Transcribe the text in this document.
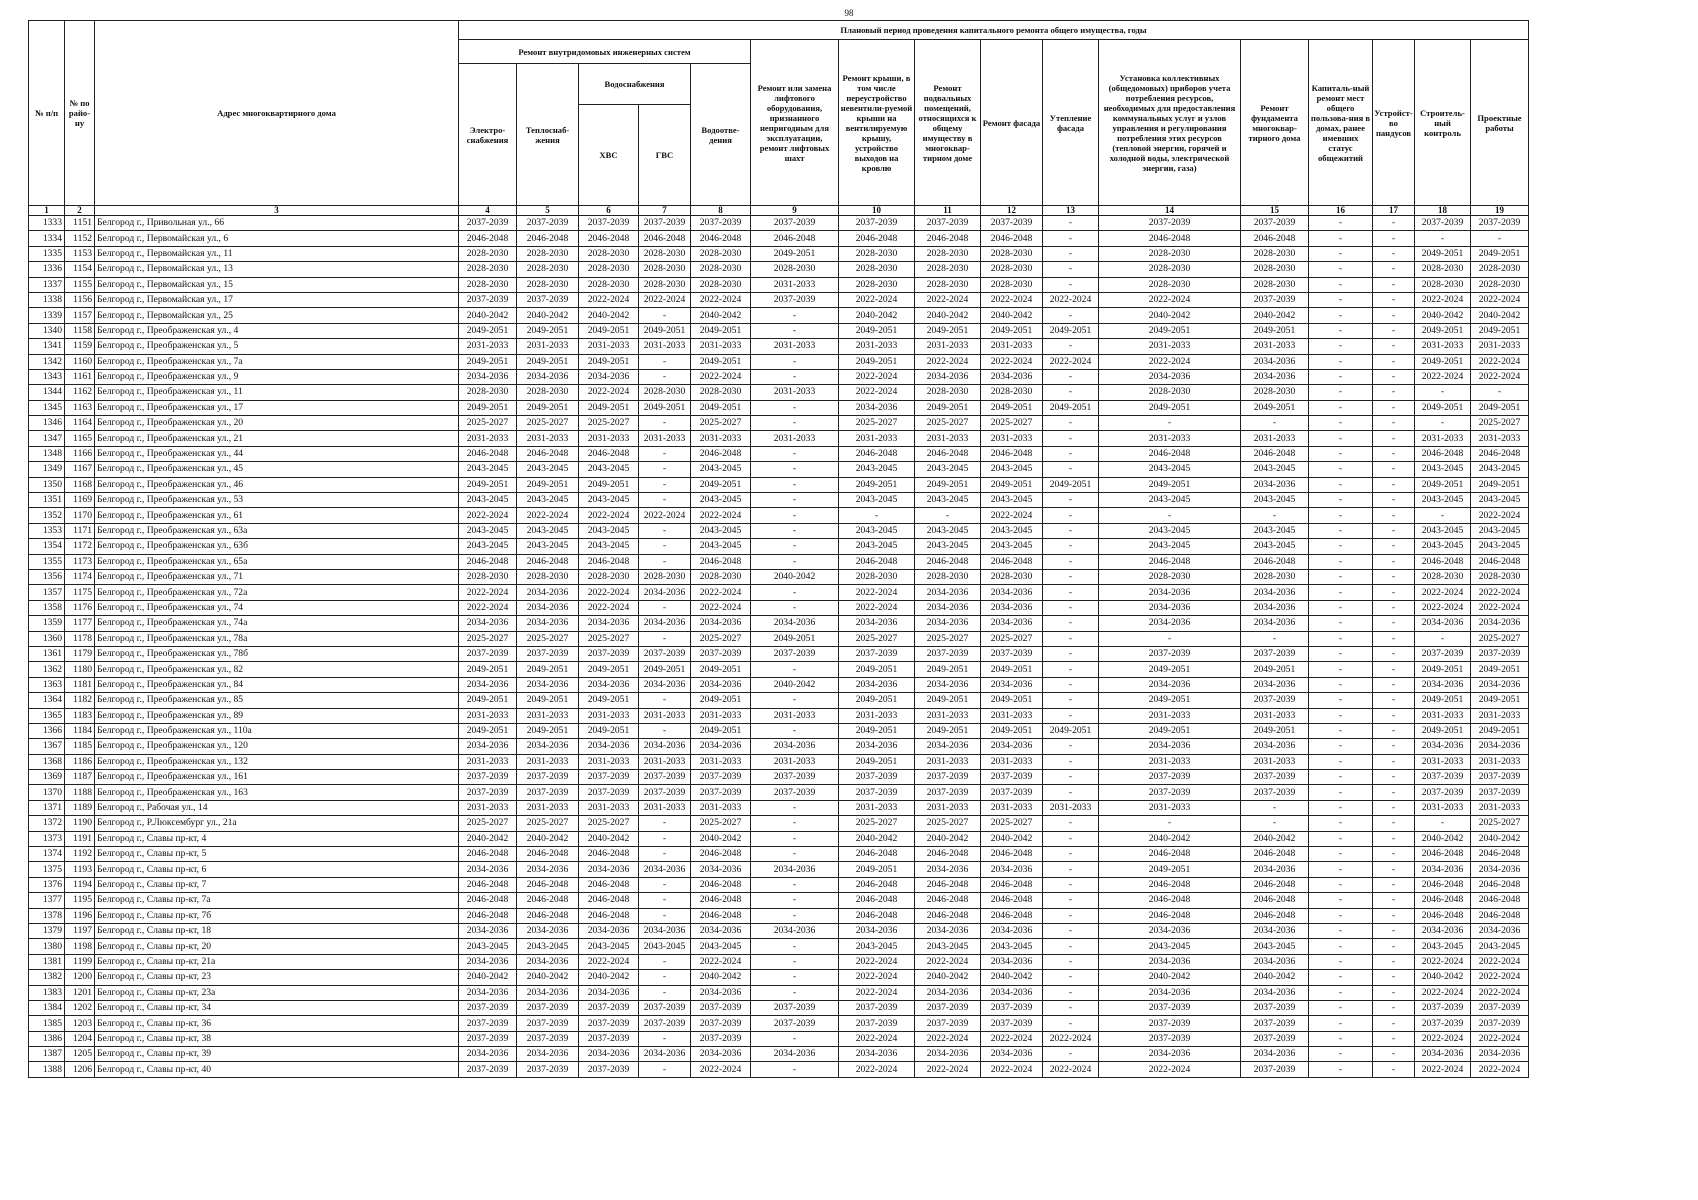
98
№ п/п	№ по райо-ну	Адрес многоквартирного дома	Плановый период проведения капитального ремонта общего имущества, годы															
			Ремонт внутридомовых инженерных систем					Ремонт или замена лифтового оборудования, признанного непригодным для эксплуатации, ремонт лифтовых шахт	Ремонт крыши, в том числе переустройство невентили-руемой крыши на вентилируемую крышу, устройство выходов на кровлю	Ремонт подвальных помещений, относящихся к общему имуществу в многоквар-тирном доме	Ремонт фасада	Утепление фасада	Установка коллективных (общедомовых) приборов учета потребления ресурсов, необходимых для предоставления коммунальных услуг и узлов управления и регулирования потребления этих ресурсов (тепловой энергии, горячей и холодной воды, электрической энергии, газа)	Ремонт фундамента многоквар-тирного дома	Капиталь-ный ремонт мест общего пользова-ния в домах, ранее имевших статус общежитий	Устройст-во пандусов	Строитель-ный контроль	Проектные работы
			Электро-снабжения	Теплоснаб-жения	Водоснабжения		Водоотве-дения											
					ХВС	ГВС												
1	2	3	4	5	6	7	8	9	10	11	12	13	14	15	16	17	18	19
1333	1151	Белгород г., Привольная ул., 66	2037-2039	2037-2039	2037-2039	2037-2039	2037-2039	2037-2039	2037-2039	2037-2039	2037-2039	-	2037-2039	2037-2039	-	-	2037-2039	2037-2039
1334	1152	Белгород г., Первомайская ул., 6	2046-2048	2046-2048	2046-2048	2046-2048	2046-2048	2046-2048	2046-2048	2046-2048	2046-2048	-	2046-2048	2046-2048	-	-	-	-
1335	1153	Белгород г., Первомайская ул., 11	2028-2030	2028-2030	2028-2030	2028-2030	2028-2030	2049-2051	2028-2030	2028-2030	2028-2030	-	2028-2030	2028-2030	-	-	2049-2051	2049-2051
1336	1154	Белгород г., Первомайская ул., 13	2028-2030	2028-2030	2028-2030	2028-2030	2028-2030	2028-2030	2028-2030	2028-2030	2028-2030	-	2028-2030	2028-2030	-	-	2028-2030	2028-2030
1337	1155	Белгород г., Первомайская ул., 15	2028-2030	2028-2030	2028-2030	2028-2030	2028-2030	2031-2033	2028-2030	2028-2030	2028-2030	-	2028-2030	2028-2030	-	-	2028-2030	2028-2030
1338	1156	Белгород г., Первомайская ул., 17	2037-2039	2037-2039	2022-2024	2022-2024	2022-2024	2037-2039	2022-2024	2022-2024	2022-2024	2022-2024	2022-2024	2037-2039	-	-	2022-2024	2022-2024
1339	1157	Белгород г., Первомайская ул., 25	2040-2042	2040-2042	2040-2042	-	2040-2042	-	2040-2042	2040-2042	2040-2042	-	2040-2042	2040-2042	-	-	2040-2042	2040-2042
1340	1158	Белгород г., Преображенская ул., 4	2049-2051	2049-2051	2049-2051	2049-2051	2049-2051	-	2049-2051	2049-2051	2049-2051	2049-2051	2049-2051	2049-2051	-	-	2049-2051	2049-2051
1341	1159	Белгород г., Преображенская ул., 5	2031-2033	2031-2033	2031-2033	2031-2033	2031-2033	2031-2033	2031-2033	2031-2033	2031-2033	-	2031-2033	2031-2033	-	-	2031-2033	2031-2033
1342	1160	Белгород г., Преображенская ул., 7а	2049-2051	2049-2051	2049-2051	-	2049-2051	-	2049-2051	2022-2024	2022-2024	2022-2024	2022-2024	2034-2036	-	-	2049-2051	2022-2024
1343	1161	Белгород г., Преображенская ул., 9	2034-2036	2034-2036	2034-2036	-	2022-2024	-	2022-2024	2034-2036	2034-2036	-	2034-2036	2034-2036	-	-	2022-2024	2022-2024
1344	1162	Белгород г., Преображенская ул., 11	2028-2030	2028-2030	2022-2024	2028-2030	2028-2030	2031-2033	2022-2024	2028-2030	2028-2030	-	2028-2030	2028-2030	-	-	-	-
1345	1163	Белгород г., Преображенская ул., 17	2049-2051	2049-2051	2049-2051	2049-2051	2049-2051	-	2034-2036	2049-2051	2049-2051	2049-2051	2049-2051	2049-2051	-	-	2049-2051	2049-2051
1346	1164	Белгород г., Преображенская ул., 20	2025-2027	2025-2027	2025-2027	-	2025-2027	-	2025-2027	2025-2027	2025-2027	-	-	-	-	-	-	2025-2027
1347	1165	Белгород г., Преображенская ул., 21	2031-2033	2031-2033	2031-2033	2031-2033	2031-2033	2031-2033	2031-2033	2031-2033	2031-2033	-	2031-2033	2031-2033	-	-	2031-2033	2031-2033
1348	1166	Белгород г., Преображенская ул., 44	2046-2048	2046-2048	2046-2048	-	2046-2048	-	2046-2048	2046-2048	2046-2048	-	2046-2048	2046-2048	-	-	2046-2048	2046-2048
1349	1167	Белгород г., Преображенская ул., 45	2043-2045	2043-2045	2043-2045	-	2043-2045	-	2043-2045	2043-2045	2043-2045	-	2043-2045	2043-2045	-	-	2043-2045	2043-2045
1350	1168	Белгород г., Преображенская ул., 46	2049-2051	2049-2051	2049-2051	-	2049-2051	-	2049-2051	2049-2051	2049-2051	2049-2051	2049-2051	2034-2036	-	-	2049-2051	2049-2051
1351	1169	Белгород г., Преображенская ул., 53	2043-2045	2043-2045	2043-2045	-	2043-2045	-	2043-2045	2043-2045	2043-2045	-	2043-2045	2043-2045	-	-	2043-2045	2043-2045
1352	1170	Белгород г., Преображенская ул., 61	2022-2024	2022-2024	2022-2024	2022-2024	2022-2024	-	-	-	2022-2024	-	-	-	-	-	-	2022-2024
1353	1171	Белгород г., Преображенская ул., 63а	2043-2045	2043-2045	2043-2045	-	2043-2045	-	2043-2045	2043-2045	2043-2045	-	2043-2045	2043-2045	-	-	2043-2045	2043-2045
1354	1172	Белгород г., Преображенская ул., 63б	2043-2045	2043-2045	2043-2045	-	2043-2045	-	2043-2045	2043-2045	2043-2045	-	2043-2045	2043-2045	-	-	2043-2045	2043-2045
1355	1173	Белгород г., Преображенская ул., 65а	2046-2048	2046-2048	2046-2048	-	2046-2048	-	2046-2048	2046-2048	2046-2048	-	2046-2048	2046-2048	-	-	2046-2048	2046-2048
1356	1174	Белгород г., Преображенская ул., 71	2028-2030	2028-2030	2028-2030	2028-2030	2028-2030	2040-2042	2028-2030	2028-2030	2028-2030	-	2028-2030	2028-2030	-	-	2028-2030	2028-2030
1357	1175	Белгород г., Преображенская ул., 72а	2022-2024	2034-2036	2022-2024	2034-2036	2022-2024	-	2022-2024	2034-2036	2034-2036	-	2034-2036	2034-2036	-	-	2022-2024	2022-2024
1358	1176	Белгород г., Преображенская ул., 74	2022-2024	2034-2036	2022-2024	-	2022-2024	-	2022-2024	2034-2036	2034-2036	-	2034-2036	2034-2036	-	-	2022-2024	2022-2024
1359	1177	Белгород г., Преображенская ул., 74а	2034-2036	2034-2036	2034-2036	2034-2036	2034-2036	2034-2036	2034-2036	2034-2036	2034-2036	-	2034-2036	2034-2036	-	-	2034-2036	2034-2036
1360	1178	Белгород г., Преображенская ул., 78а	2025-2027	2025-2027	2025-2027	-	2025-2027	2049-2051	2025-2027	2025-2027	2025-2027	-	-	-	-	-	-	2025-2027
1361	1179	Белгород г., Преображенская ул., 78б	2037-2039	2037-2039	2037-2039	2037-2039	2037-2039	2037-2039	2037-2039	2037-2039	2037-2039	-	2037-2039	2037-2039	-	-	2037-2039	2037-2039
1362	1180	Белгород г., Преображенская ул., 82	2049-2051	2049-2051	2049-2051	2049-2051	2049-2051	-	2049-2051	2049-2051	2049-2051	-	2049-2051	2049-2051	-	-	2049-2051	2049-2051
1363	1181	Белгород г., Преображенская ул., 84	2034-2036	2034-2036	2034-2036	2034-2036	2034-2036	2040-2042	2034-2036	2034-2036	2034-2036	-	2034-2036	2034-2036	-	-	2034-2036	2034-2036
1364	1182	Белгород г., Преображенская ул., 85	2049-2051	2049-2051	2049-2051	-	2049-2051	-	2049-2051	2049-2051	2049-2051	-	2049-2051	2037-2039	-	-	2049-2051	2049-2051
1365	1183	Белгород г., Преображенская ул., 89	2031-2033	2031-2033	2031-2033	2031-2033	2031-2033	2031-2033	2031-2033	2031-2033	2031-2033	-	2031-2033	2031-2033	-	-	2031-2033	2031-2033
1366	1184	Белгород г., Преображенская ул., 110а	2049-2051	2049-2051	2049-2051	-	2049-2051	-	2049-2051	2049-2051	2049-2051	2049-2051	2049-2051	2049-2051	-	-	2049-2051	2049-2051
1367	1185	Белгород г., Преображенская ул., 120	2034-2036	2034-2036	2034-2036	2034-2036	2034-2036	2034-2036	2034-2036	2034-2036	2034-2036	-	2034-2036	2034-2036	-	-	2034-2036	2034-2036
1368	1186	Белгород г., Преображенская ул., 132	2031-2033	2031-2033	2031-2033	2031-2033	2031-2033	2031-2033	2049-2051	2031-2033	2031-2033	-	2031-2033	2031-2033	-	-	2031-2033	2031-2033
1369	1187	Белгород г., Преображенская ул., 161	2037-2039	2037-2039	2037-2039	2037-2039	2037-2039	2037-2039	2037-2039	2037-2039	2037-2039	-	2037-2039	2037-2039	-	-	2037-2039	2037-2039
1370	1188	Белгород г., Преображенская ул., 163	2037-2039	2037-2039	2037-2039	2037-2039	2037-2039	2037-2039	2037-2039	2037-2039	2037-2039	-	2037-2039	2037-2039	-	-	2037-2039	2037-2039
1371	1189	Белгород г., Рабочая ул., 14	2031-2033	2031-2033	2031-2033	2031-2033	2031-2033	-	2031-2033	2031-2033	2031-2033	2031-2033	2031-2033	-	-	-	2031-2033	2031-2033
1372	1190	Белгород г., Р.Люксембург ул., 21а	2025-2027	2025-2027	2025-2027	-	2025-2027	-	2025-2027	2025-2027	2025-2027	-	-	-	-	-	-	2025-2027
1373	1191	Белгород г., Славы пр-кт, 4	2040-2042	2040-2042	2040-2042	-	2040-2042	-	2040-2042	2040-2042	2040-2042	-	2040-2042	2040-2042	-	-	2040-2042	2040-2042
1374	1192	Белгород г., Славы пр-кт, 5	2046-2048	2046-2048	2046-2048	-	2046-2048	-	2046-2048	2046-2048	2046-2048	-	2046-2048	2046-2048	-	-	2046-2048	2046-2048
1375	1193	Белгород г., Славы пр-кт, 6	2034-2036	2034-2036	2034-2036	2034-2036	2034-2036	2034-2036	2049-2051	2034-2036	2034-2036	-	2049-2051	2034-2036	-	-	2034-2036	2034-2036
1376	1194	Белгород г., Славы пр-кт, 7	2046-2048	2046-2048	2046-2048	-	2046-2048	-	2046-2048	2046-2048	2046-2048	-	2046-2048	2046-2048	-	-	2046-2048	2046-2048
1377	1195	Белгород г., Славы пр-кт, 7а	2046-2048	2046-2048	2046-2048	-	2046-2048	-	2046-2048	2046-2048	2046-2048	-	2046-2048	2046-2048	-	-	2046-2048	2046-2048
1378	1196	Белгород г., Славы пр-кт, 7б	2046-2048	2046-2048	2046-2048	-	2046-2048	-	2046-2048	2046-2048	2046-2048	-	2046-2048	2046-2048	-	-	2046-2048	2046-2048
1379	1197	Белгород г., Славы пр-кт, 18	2034-2036	2034-2036	2034-2036	2034-2036	2034-2036	2034-2036	2034-2036	2034-2036	2034-2036	-	2034-2036	2034-2036	-	-	2034-2036	2034-2036
1380	1198	Белгород г., Славы пр-кт, 20	2043-2045	2043-2045	2043-2045	2043-2045	2043-2045	-	2043-2045	2043-2045	2043-2045	-	2043-2045	2043-2045	-	-	2043-2045	2043-2045
1381	1199	Белгород г., Славы пр-кт, 21а	2034-2036	2034-2036	2022-2024	-	2022-2024	-	2022-2024	2022-2024	2034-2036	-	2034-2036	2034-2036	-	-	2022-2024	2022-2024
1382	1200	Белгород г., Славы пр-кт, 23	2040-2042	2040-2042	2040-2042	-	2040-2042	-	2022-2024	2040-2042	2040-2042	-	2040-2042	2040-2042	-	-	2040-2042	2022-2024
1383	1201	Белгород г., Славы пр-кт, 23а	2034-2036	2034-2036	2034-2036	-	2034-2036	-	2022-2024	2034-2036	2034-2036	-	2034-2036	2034-2036	-	-	2022-2024	2022-2024
1384	1202	Белгород г., Славы пр-кт, 34	2037-2039	2037-2039	2037-2039	2037-2039	2037-2039	2037-2039	2037-2039	2037-2039	2037-2039	-	2037-2039	2037-2039	-	-	2037-2039	2037-2039
1385	1203	Белгород г., Славы пр-кт, 36	2037-2039	2037-2039	2037-2039	2037-2039	2037-2039	2037-2039	2037-2039	2037-2039	2037-2039	-	2037-2039	2037-2039	-	-	2037-2039	2037-2039
1386	1204	Белгород г., Славы пр-кт, 38	2037-2039	2037-2039	2037-2039	-	2037-2039	-	2022-2024	2022-2024	2022-2024	2022-2024	2037-2039	2037-2039	-	-	2022-2024	2022-2024
1387	1205	Белгород г., Славы пр-кт, 39	2034-2036	2034-2036	2034-2036	2034-2036	2034-2036	2034-2036	2034-2036	2034-2036	2034-2036	-	2034-2036	2034-2036	-	-	2034-2036	2034-2036
1388	1206	Белгород г., Славы пр-кт, 40	2037-2039	2037-2039	2037-2039	-	2022-2024	-	2022-2024	2022-2024	2022-2024	2022-2024	2022-2024	2037-2039	-	-	2022-2024	2022-2024
